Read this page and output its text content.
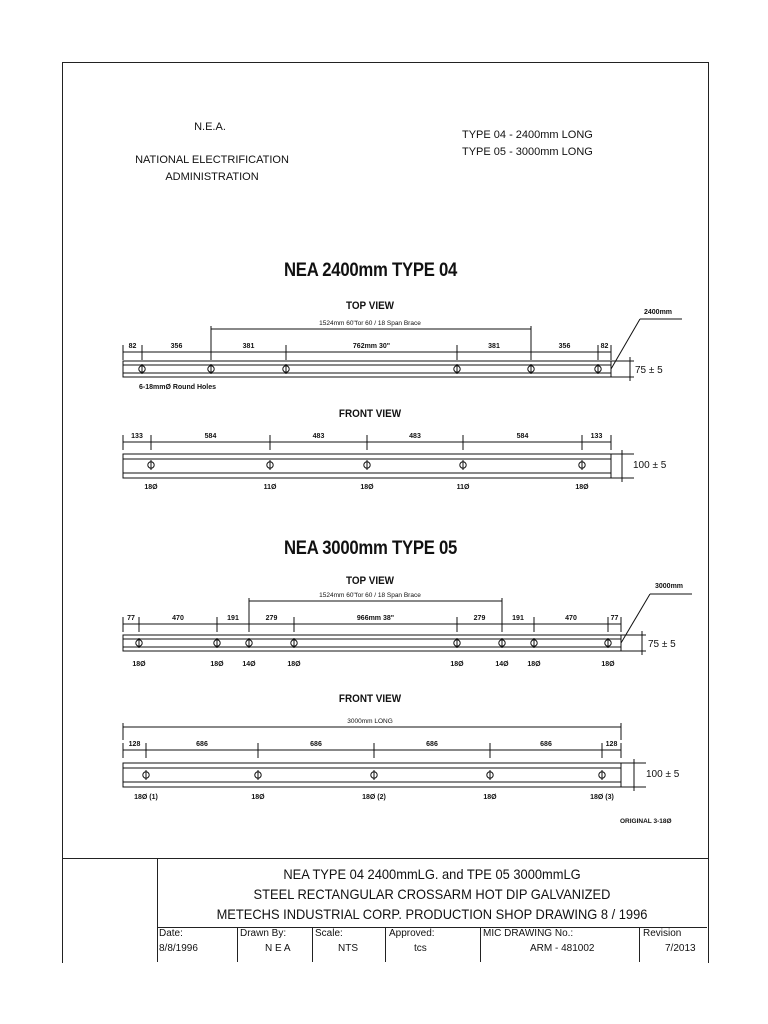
N.E.A.
NATIONAL ELECTRIFICATION
ADMINISTRATION
TYPE 04 - 2400mm LONG
TYPE 05 - 3000mm LONG
NEA 2400mm TYPE 04
TOP VIEW
1524mm 60"for 60 / 18 Span Brace
6-18mmØ Round Holes
2400mm
75 ± 5
FRONT VIEW
100 ± 5
NEA 3000mm TYPE 05
TOP VIEW
1524mm 60"for 60 / 18 Span Brace
3000mm
75 ± 5
FRONT VIEW
3000mm LONG
100 ± 5
ORIGINAL 3-18Ø
82	356	381	762mm 30"	381	356	82
133	584	483	483	584	133
18Ø	11Ø	18Ø	11Ø	18Ø
77	470	191	279	966mm 38"	279	191	470	77
18Ø	18Ø	14Ø	18Ø	18Ø	14Ø	18Ø	18Ø
128	686	686	686	686	128
18Ø (1)	18Ø	18Ø (2)	18Ø	18Ø (3)
NEA TYPE 04 2400mmLG. and TPE 05 3000mmLG
STEEL RECTANGULAR CROSSARM HOT DIP GALVANIZED
METECHS INDUSTRIAL CORP. PRODUCTION SHOP DRAWING 8 / 1996
Date:
8/8/1996
Drawn By:
N E A
Scale:
NTS
Approved:
tcs
MIC DRAWING No.:
ARM - 481002
Revision
7/2013
